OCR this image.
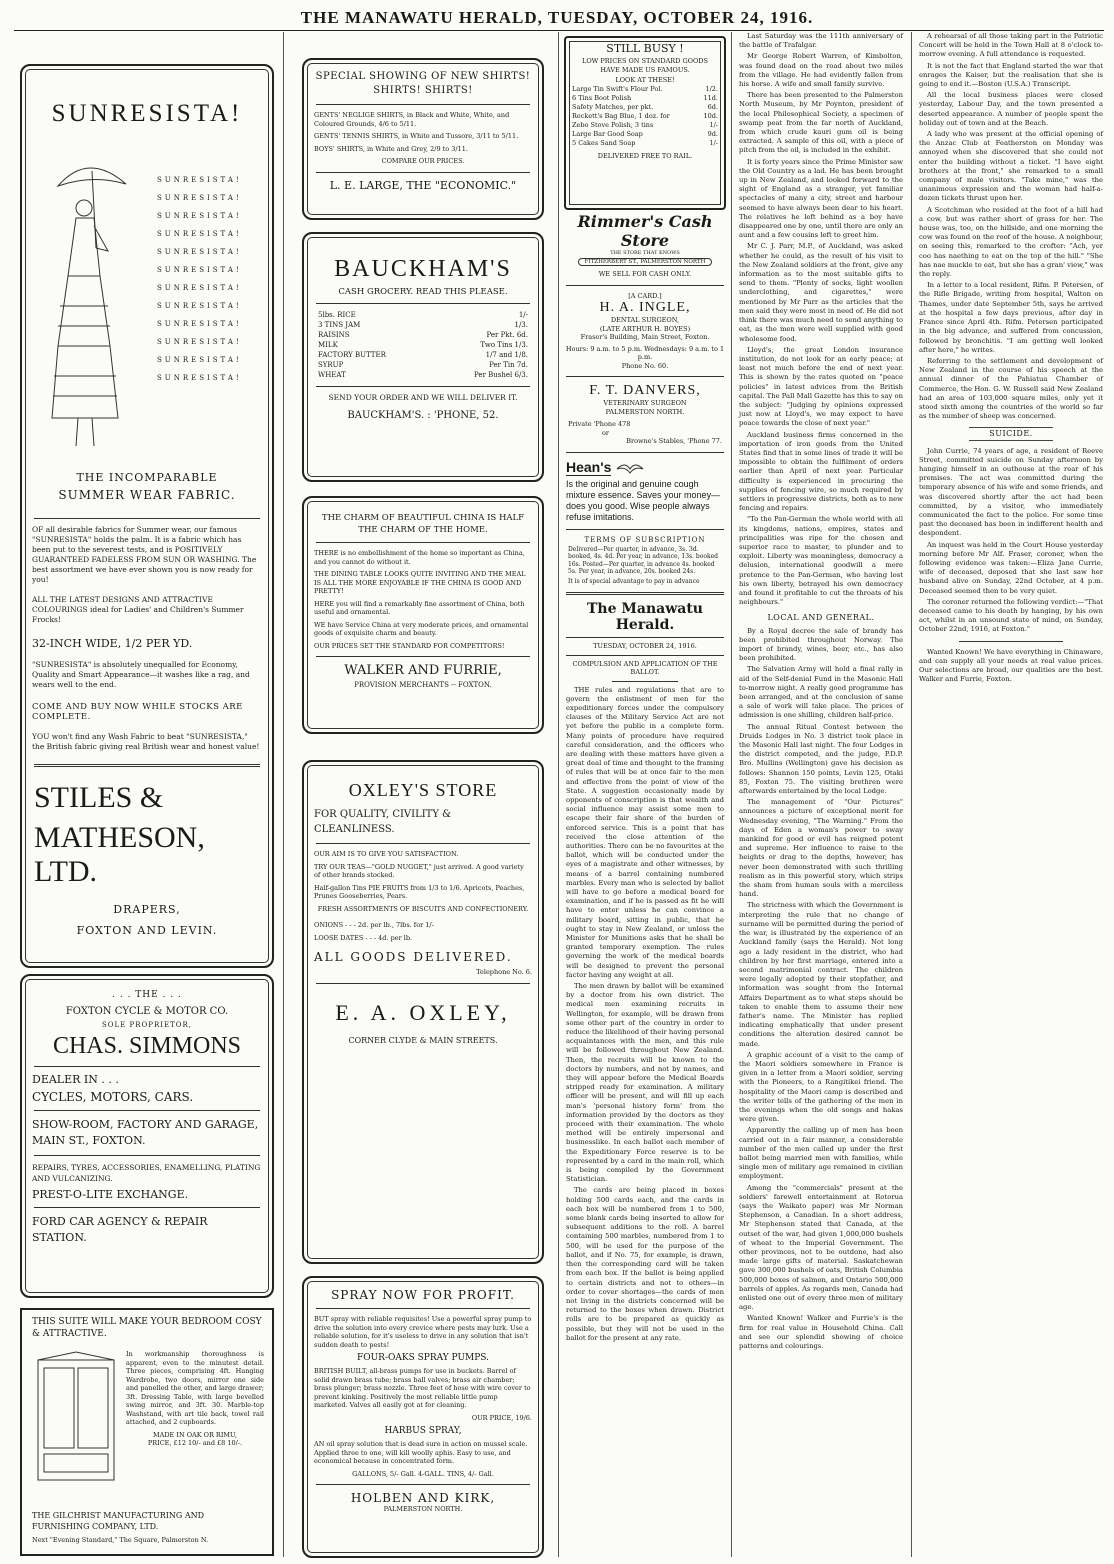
THE MANAWATU HERALD, TUESDAY, OCTOBER 24, 1916.
SUNRESISTA!
SUNRESISTA!
SUNRESISTA!
SUNRESISTA!
SUNRESISTA!
SUNRESISTA!
SUNRESISTA!
SUNRESISTA!
SUNRESISTA!
SUNRESISTA!
SUNRESISTA!
SUNRESISTA!
SUNRESISTA!
THE INCOMPARABLE
SUMMER WEAR FABRIC.
OF all desirable fabrics for Summer wear, our famous "SUNRESISTA" holds the palm. It is a fabric which has been put to the severest tests, and is POSITIVELY GUARANTEED FADELESS FROM SUN OR WASHING. The best assortment we have ever shown you is now ready for you!
ALL THE LATEST DESIGNS AND ATTRACTIVE COLOURINGS ideal for Ladies' and Children's Summer Frocks!
32-INCH WIDE, 1/2 PER YD.
"SUNRESISTA" is absolutely unequalled for Economy, Quality and Smart Appearance—it washes like a rag, and wears well to the end.
COME AND BUY NOW WHILE STOCKS ARE COMPLETE.
YOU won't find any Wash Fabric to beat "SUNRESISTA," the British fabric giving real British wear and honest value!
STILES &
MATHESON, LTD.
DRAPERS,
FOXTON AND LEVIN.
. . . THE . . .
FOXTON CYCLE & MOTOR CO.
SOLE PROPRIETOR,
CHAS. SIMMONS
DEALER IN . . .
CYCLES, MOTORS, CARS.
SHOW-ROOM, FACTORY AND GARAGE, MAIN ST., FOXTON.
REPAIRS, TYRES, ACCESSORIES, ENAMELLING, PLATING AND VULCANIZING.
PREST-O-LITE EXCHANGE.
FORD CAR AGENCY & REPAIR STATION.
THIS SUITE WILL MAKE YOUR BEDROOM COSY & ATTRACTIVE.
In workmanship thoroughness is apparent, even to the minutest detail. Three pieces, comprising 4ft. Hanging Wardrobe, two doors, mirror one side and panelled the other, and large drawer; 3ft. Dressing Table, with large bevelled swing mirror, and 3ft. 30. Marble-top Washstand, with art tile back, towel rail attached, and 2 cupboards.
MADE IN OAK OR RIMU,
PRICE, £12 10/- and £8 10/-.
THE GILCHRIST MANUFACTURING AND FURNISHING COMPANY, LTD.
Next "Evening Standard," The Square, Palmerston N.
SPECIAL SHOWING OF NEW SHIRTS! SHIRTS! SHIRTS!
GENTS' NEGLIGE SHIRTS, in Black and White, White, and Coloured Grounds, 4/6 to 5/11.
GENTS' TENNIS SHIRTS, in White and Tussore, 3/11 to 5/11.
BOYS' SHIRTS, in White and Grey, 2/9 to 3/11.
COMPARE OUR PRICES.
L. E. LARGE, THE "ECONOMIC."
BAUCKHAM'S
CASH GROCERY. READ THIS PLEASE.
5lbs. RICE	1/-
3 TINS JAM	1/3.
RAISINS	Per Pkt. 6d.
MILK	Two Tins 1/3.
FACTORY BUTTER	1/7 and 1/8.
SYRUP	Per Tin 7d.
WHEAT	Per Bushel 6/3.
SEND YOUR ORDER AND WE WILL DELIVER IT.
BAUCKHAM'S. : 'PHONE, 52.
THE CHARM OF BEAUTIFUL CHINA IS HALF THE CHARM OF THE HOME.
THERE is no embellishment of the home so important as China, and you cannot do without it.
THE DINING TABLE LOOKS QUITE INVITING AND THE MEAL IS ALL THE MORE ENJOYABLE IF THE CHINA IS GOOD AND PRETTY!
HERE you will find a remarkably fine assortment of China, both useful and ornamental.
WE have Service China at very moderate prices, and ornamental goods of exquisite charm and beauty.
OUR PRICES SET THE STANDARD FOR COMPETITORS!
WALKER AND FURRIE,
PROVISION MERCHANTS -- FOXTON.
OXLEY'S STORE
FOR QUALITY, CIVILITY & CLEANLINESS.
OUR AIM IS TO GIVE YOU SATISFACTION.
TRY OUR TEAS—"GOLD NUGGET," just arrived. A good variety of other brands stocked.
Half-gallon Tins PIE FRUITS from 1/3 to 1/6. Apricots, Peaches, Prunes Gooseberries, Pears.
FRESH ASSORTMENTS OF BISCUITS AND CONFECTIONERY.
ONIONS - - - 2d. per lb., 7lbs. for 1/-
LOOSE DATES - - - 4d. per lb.
ALL GOODS DELIVERED.
Telephone No. 6.
E. A. OXLEY,
CORNER CLYDE & MAIN STREETS.
SPRAY NOW FOR PROFIT.
BUT spray with reliable requisites! Use a powerful spray pump to drive the solution into every crevice where pests may lurk. Use a reliable solution, for it's useless to drive in any solution that isn't sudden death to pests!
FOUR-OAKS SPRAY PUMPS.
BRITISH BUILT, all-brass pumps for use in buckets. Barrel of solid drawn brass tube; brass ball valves; brass air chamber; brass plunger; brass nozzle. Three feet of hose with wire cover to prevent kinking. Positively the most reliable little pump marketed. Valves all easily got at for cleaning.
OUR PRICE, 19/6.
HARBUS SPRAY,
AN oil spray solution that is dead sure in action on mussel scale. Applied three to one, will kill woolly aphis. Easy to use, and economical because in concentrated form.
GALLONS, 5/- Gall. 4-GALL. TINS, 4/- Gall.
HOLBEN AND KIRK,
PALMERSTON NORTH.
STILL BUSY !
LOW PRICES ON STANDARD GOODS HAVE MADE US FAMOUS.
LOOK AT THESE!
Large Tin Swift's Flour Pol.	1/2.
6 Tins Boot Polish	11d.
Safety Matches, per pkt.	6d.
Reckett's Bag Blue, 1 doz. for	10d.
Zebo Stove Polish, 3 tins	1/-
Large Bar Good Soap	9d.
5 Cakes Sand Soap	1/-
DELIVERED FREE TO RAIL.
Rimmer's Cash Store
THE STORE THAT KNOWS
FITZHERBERT ST., PALMERSTON NORTH
WE SELL FOR CASH ONLY.
[A CARD.]
H. A. INGLE,
DENTAL SURGEON,
(LATE ARTHUR H. BOYES)
Fraser's Building, Main Street, Foxton.
Hours: 9 a.m. to 5 p.m. Wednesdays: 9 a.m. to 1 p.m.
Phone No. 60.
F. T. DANVERS,
VETERINARY SURGEON
PALMERSTON NORTH.
Private 'Phone 478
or
Browne's Stables, 'Phone 77.
Hean's
Is the original and genuine cough mixture essence. Saves your money—does you good. Wise people always refuse imitations.
TERMS OF SUBSCRIPTION
Delivered—Per quarter, in advance, 3s. 3d. booked, 4s. 4d. Per year, in advance, 13s. booked 16s. Posted—Per quarter, in advance 4s. booked 5s. Per year, in advance, 20s. booked 24s.
It is of special advantage to pay in advance
The Manawatu Herald.
TUESDAY, OCTOBER 24, 1916.
COMPULSION AND APPLICATION OF THE BALLOT.

THE rules and regulations that are to govern the enlistment of men for the expeditionary forces under the compulsory clauses of the Military Service Act are not yet before the public in a complete form. Many points of procedure have required careful consideration, and the officers who are dealing with these matters have given a great deal of time and thought to the framing of rules that will be at once fair to the men and effective from the point of view of the State. A suggestion occasionally made by opponents of conscription is that wealth and social influence may assist some men to escape their fair share of the burden of enforced service. This is a point that has received the close attention of the authorities. There can be no favourites at the ballot, which will be conducted under the eyes of a magistrate and other witnesses, by means of a barrel containing numbered marbles. Every man who is selected by ballot will have to go before a medical board for examination, and if he is passed as fit he will have to enter unless he can convince a military board, sitting in public, that he ought to stay in New Zealand, or unless the Minister for Munitions asks that he shall be granted temporary exemption. The rules governing the work of the medical boards will be designed to prevent the personal factor having any weight at all.

The men drawn by ballot will be examined by a doctor from his own district. The medical men examining recruits in Wellington, for example, will be drawn from some other part of the country in order to reduce the likelihood of their having personal acquaintances with the men, and this rule will be followed throughout New Zealand. Then, the recruits will be known to the doctors by numbers, and not by names, and they will appear before the Medical Boards stripped ready for examination. A military officer will be present, and will fill up each man's 'personal history form' from the information provided by the doctors as they proceed with their examination. The whole method will be entirely impersonal and businesslike. In each ballot each member of the Expeditionary Force reserve is to be represented by a card in the main roll, which is being compiled by the Government Statistician.

The cards are being placed in boxes holding 500 cards each, and the cards in each box will be numbered from 1 to 500, some blank cards being inserted to allow for subsequent additions to the roll. A barrel containing 500 marbles, numbered from 1 to 500, will be used for the purpose of the ballot, and if No. 75, for example, is drawn, then the corresponding card will be taken from each box. If the ballot is being applied to certain districts and not to others—in order to cover shortages—the cards of men not living in the districts concerned will be returned to the boxes when drawn. District rolls are to be prepared as quickly as possible, but they will not be used in the ballot for the present at any rate.

Last Saturday was the 111th anniversary of the battle of Trafalgar.

Mr George Robert Warren, of Kimbolton, was found dead on the road about two miles from the village. He had evidently fallen from his horse. A wife and small family survive.

There has been presented to the Palmerston North Museum, by Mr Poynton, president of the local Philosophical Society, a specimen of swamp peat from the far north of Auckland, from which crude kauri gum oil is being extracted. A sample of this oil, with a piece of pitch from the oil, is included in the exhibit.

It is forty years since the Prime Minister saw the Old Country as a lad. He has been brought up in New Zealand, and looked forward to the sight of England as a stranger, yet familiar spectacles of many a city, street and harbour seemed to have always been dear to his heart. The relatives he left behind as a boy have disappeared one by one, until there are only an aunt and a few cousins left to greet him.

Mr C. J. Parr, M.P., of Auckland, was asked whether he could, as the result of his visit to the New Zealand soldiers at the front, give any information as to the most suitable gifts to send to them. "Plenty of socks, light woollen underclothing, and cigarettes," were mentioned by Mr Parr as the articles that the men said they were most in need of. He did not think there was much need to send anything to eat, as the men were well supplied with good wholesome food.

Lloyd's, the great London insurance institution, do not look for an early peace; at least not much before the end of next year. This is shown by the rates quoted on "peace policies" in latest advices from the British capital. The Pall Mall Gazette has this to say on the subject: "Judging by opinions expressed just now at Lloyd's, we may expect to have peace towards the close of next year."

Auckland business firms concerned in the importation of iron goods from the United States find that in some lines of trade it will be impossible to obtain the fulfilment of orders earlier than April of next year. Particular difficulty is experienced in procuring the supplies of fencing wire, so much required by settlers in progressive districts, both as to new fencing and repairs.

"To the Pan-German the whole world with all its kingdoms, nations, empires, states and principalities was ripe for the chosen and superior race to master, to plunder and to exploit. Liberty was meaningless, democracy a delusion, international goodwill a mere pretence to the Pan-German, who having lost his own liberty, betrayed his own democracy and found it profitable to cut the throats of his neighbours."

LOCAL AND GENERAL.

By a Royal decree the sale of brandy has been prohibited throughout Norway. The import of brandy, wines, beer, etc., has also been prohibited.

The Salvation Army will hold a final rally in aid of the Self-denial Fund in the Masonic Hall to-morrow night. A really good programme has been arranged, and at the conclusion of same a sale of work will take place. The prices of admission is one shilling, children half-price.

The annual Ritual Contest between the Druids Lodges in No. 3 district took place in the Masonic Hall last night. The four Lodges in the district competed, and the judge, P.D.P. Bro. Mullins (Wellington) gave his decision as follows: Shannon 150 points, Levin 125, Otaki 85, Foxton 75. The visiting brethren were afterwards entertained by the local Lodge.

The management of "Our Pictures" announces a picture of exceptional merit for Wednesday evening, "The Warning." From the days of Eden a woman's power to sway mankind for good or evil has reigned potent and supreme. Her influence to raise to the heights or drag to the depths, however, has never been demonstrated with such thrilling realism as in this powerful story, which strips the sham from human souls with a merciless hand.

The strictness with which the Government is interpreting the rule that no change of surname will be permitted during the period of the war, is illustrated by the experience of an Auckland family (says the Herald). Not long ago a lady resident in the district, who had children by her first marriage, entered into a second matrimonial contract. The children were legally adopted by their stepfather, and information was sought from the Internal Affairs Department as to what steps should be taken to enable them to assume their new father's name. The Minister has replied indicating emphatically that under present conditions the alteration desired cannot be made.

A graphic account of a visit to the camp of the Maori soldiers somewhere in France is given in a letter from a Maori soldier, serving with the Pioneers, to a Rangitikei friend. The hospitality of the Maori camp is described and the writer tells of the gathering of the men in the evenings when the old songs and hakas were given.

Apparently the calling up of men has been carried out in a fair manner, a considerable number of the men called up under the first ballot being married men with families, while single men of military age remained in civilian employment.

Among the "commercials" present at the soldiers' farewell entertainment at Rotorua (says the Waikato paper) was Mr Norman Stephenson, a Canadian. In a short address, Mr Stephenson stated that Canada, at the outset of the war, had given 1,000,000 bushels of wheat to the Imperial Government. The other provinces, not to be outdone, had also made large gifts of material. Saskatchewan gave 300,000 bushels of oats, British Columbia 500,000 boxes of salmon, and Ontario 500,000 barrels of apples. As regards men, Canada had enlisted one out of every three men of military age.

Wanted Known! Walker and Furrie's is the firm for real value in Household China. Call and see our splendid showing of choice patterns and colourings.

A rehearsal of all those taking part in the Patriotic Concert will be held in the Town Hall at 8 o'clock to-morrow evening. A full attendance is requested.

It is not the fact that England started the war that enrages the Kaiser, but the realisation that she is going to end it.—Boston (U.S.A.) Transcript.

All the local business places were closed yesterday, Labour Day, and the town presented a deserted appearance. A number of people spent the holiday out of town and at the Beach.

A lady who was present at the official opening of the Anzac Club at Featherston on Monday was annoyed when she discovered that she could not enter the building without a ticket. "I have eight brothers at the front," she remarked to a small company of male visitors. "Take mine," was the unanimous expression and the woman had half-a-dozen tickets thrust upon her.

A Scotchman who resided at the foot of a hill had a cow, but was rather short of grass for her. The house was, too, on the hillside, and one morning the cow was found on the roof of the house. A neighbour, on seeing this, remarked to the crofter: "Ach, yer coo has naething to eat on the top of the hill." "She has nae muckle to eat, but she has a gran' view," was the reply.

In a letter to a local resident, Rifm. P. Petersen, of the Rifle Brigade, writing from hospital, Walton on Thames, under date September 5th, says he arrived at the hospital a few days previous, after day in France since April 4th. Rifm. Petersen participated in the big advance, and suffered from concussion, followed by bronchitis. "I am getting well looked after here," he writes.

Referring to the settlement and development of New Zealand in the course of his speech at the annual dinner of the Pahiatua Chamber of Commerce, the Hon. G. W. Russell said New Zealand had an area of 103,000 square miles, only yet it stood sixth among the countries of the world so far as the number of sheep was concerned.

SUICIDE.

John Currie, 74 years of age, a resident of Reeve Street, committed suicide on Sunday afternoon by hanging himself in an outhouse at the rear of his premises. The act was committed during the temporary absence of his wife and some friends, and was discovered shortly after the act had been committed, by a visitor, who immediately communicated the fact to the police. For some time past the deceased has been in indifferent health and despondent.

An inquest was held in the Court House yesterday morning before Mr Alf. Fraser, coroner, when the following evidence was taken:—Eliza Jane Currie, wife of deceased, deposed that she last saw her husband alive on Sunday, 22nd October, at 4 p.m. Deceased seemed then to be very quiet.

The coroner returned the following verdict:—"That deceased came to his death by hanging, by his own act, whilst in an unsound state of mind, on Sunday, October 22nd, 1916, at Foxton."

Wanted Known! We have everything in Chinaware, and can supply all your needs at real value prices. Our selections are broad, our qualities are the best. Walker and Furrie, Foxton.
